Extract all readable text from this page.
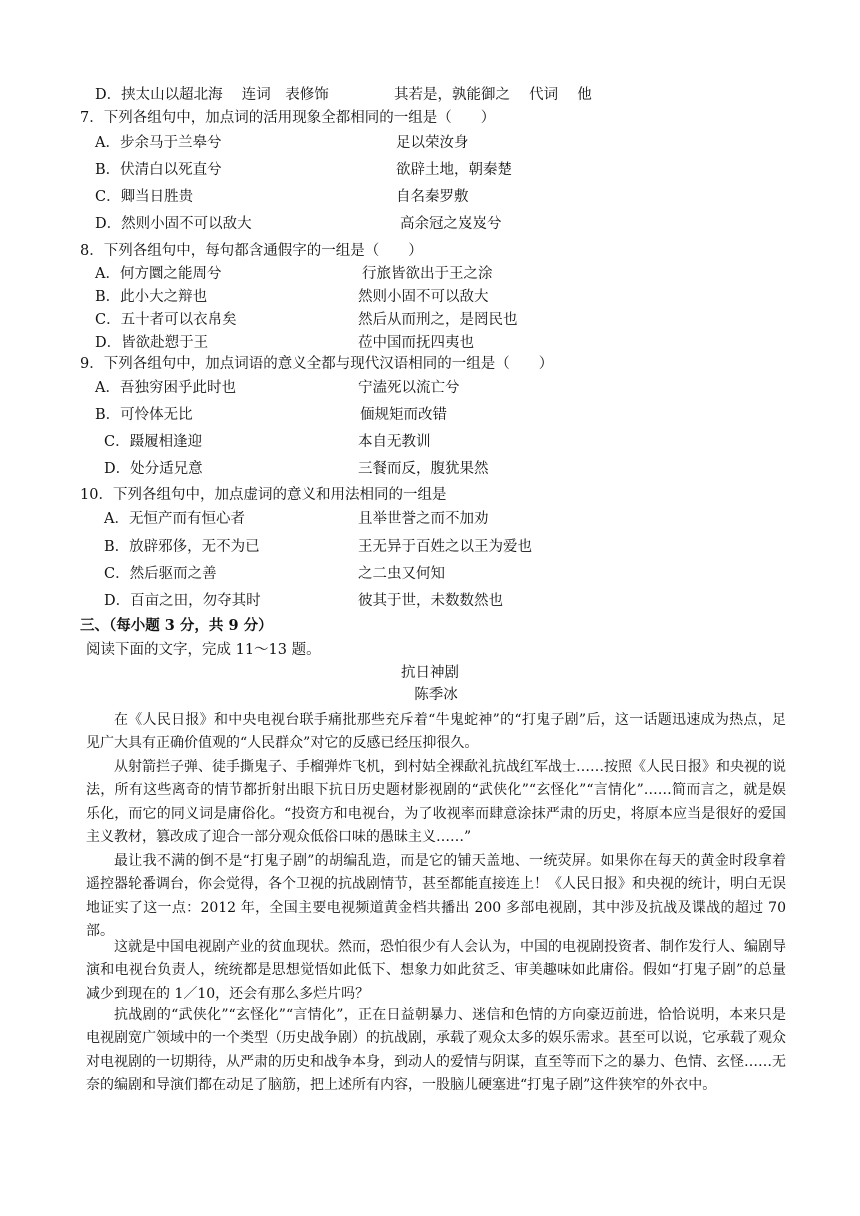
D．挟太山以超北海　 连词　表修饰	其若是，孰能御之　 代词　 他
7．下列各组句中，加点词的活用现象全都相同的一组是（　　）
A．步余马于兰皋兮	足以荣汝身
B．伏清白以死直兮	欲辟土地，朝秦楚
C．卿当日胜贵	自名秦罗敷
D．然则小固不可以敌大	高余冠之岌岌兮
8．下列各组句中，每句都含通假字的一组是（　　）
A．何方圜之能周兮	行旅皆欲出于王之涂
B．此小大之辩也	然则小固不可以敌大
C．五十者可以衣帛矣	然后从而刑之，是罔民也
D．皆欲赴愬于王	莅中国而抚四夷也
9．下列各组句中，加点词语的意义全都与现代汉语相同的一组是（　　）
A．吾独穷困乎此时也	宁溘死以流亡兮
B．可怜体无比	偭规矩而改错
C．蹑履相逢迎	本自无教训
D．处分适兄意	三餐而反，腹犹果然
10．下列各组句中，加点虚词的意义和用法相同的一组是
A．无恒产而有恒心者	且举世誉之而不加劝
B．放辟邪侈，无不为已	王无异于百姓之以王为爱也
C．然后驱而之善	之二虫又何知
D．百亩之田，勿夺其时	彼其于世，未数数然也
三、（每小题 3 分，共 9 分）
阅读下面的文字，完成 11～13 题。
抗日神剧
陈季冰
在《人民日报》和中央电视台联手痛批那些充斥着“牛鬼蛇神”的“打鬼子剧”后，这一话题迅速成为热点，足见广大具有正确价值观的“人民群众”对它的反感已经压抑很久。
从射箭拦子弹、徒手撕鬼子、手榴弹炸飞机，到村姑全裸歃礼抗战红军战士……按照《人民日报》和央视的说法，所有这些离奇的情节都折射出眼下抗日历史题材影视剧的“武侠化”“玄怪化”“言情化”……简而言之，就是娱乐化，而它的同义词是庸俗化。“投资方和电视台，为了收视率而肆意涂抹严肃的历史，将原本应当是很好的爱国主义教材，篡改成了迎合一部分观众低俗口味的愚昧主义……”
最让我不满的倒不是“打鬼子剧”的胡编乱造，而是它的铺天盖地、一统荧屏。如果你在每天的黄金时段拿着遥控器轮番调台，你会觉得，各个卫视的抗战剧情节，甚至都能直接连上！《人民日报》和央视的统计，明白无误地证实了这一点：2012 年，全国主要电视频道黄金档共播出 200 多部电视剧，其中涉及抗战及谍战的超过 70 部。
这就是中国电视剧产业的贫血现状。然而，恐怕很少有人会认为，中国的电视剧投资者、制作发行人、编剧导演和电视台负责人，统统都是思想觉悟如此低下、想象力如此贫乏、审美趣味如此庸俗。假如“打鬼子剧”的总量减少到现在的 1／10，还会有那么多烂片吗？
抗战剧的“武侠化”“玄怪化”“言情化”，正在日益朝暴力、迷信和色情的方向豪迈前进，恰恰说明，本来只是电视剧宽广领域中的一个类型（历史战争剧）的抗战剧，承载了观众太多的娱乐需求。甚至可以说，它承载了观众对电视剧的一切期待，从严肃的历史和战争本身，到动人的爱情与阴谋，直至等而下之的暴力、色情、玄怪……无奈的编剧和导演们都在动足了脑筋，把上述所有内容，一股脑儿硬塞进“打鬼子剧”这件狭窄的外衣中。
